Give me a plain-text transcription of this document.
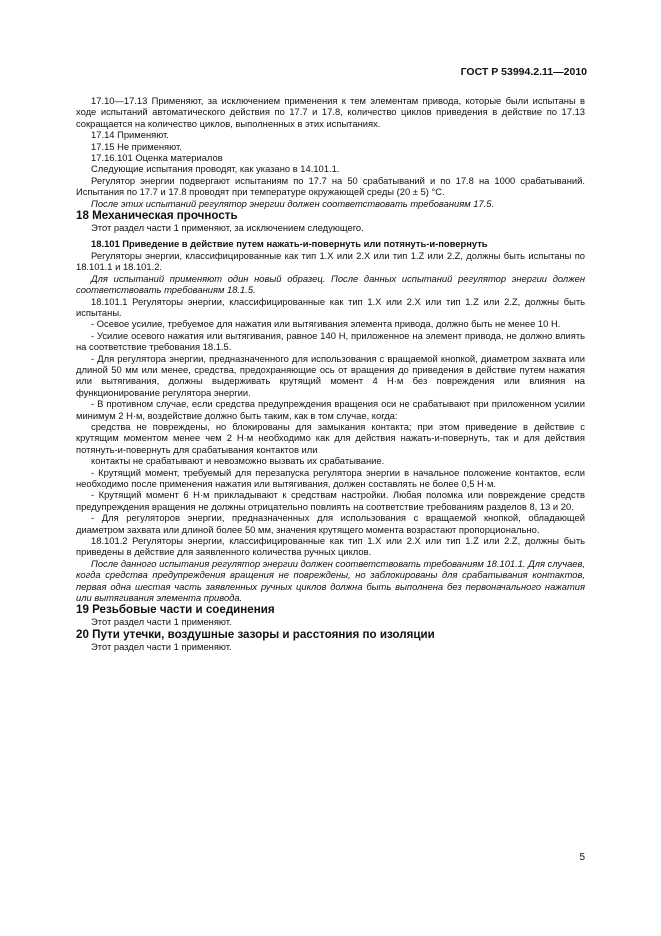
ГОСТ Р 53994.2.11—2010

17.10—17.13 Применяют, за исключением применения к тем элементам привода, которые были испытаны в ходе испытаний автоматического действия по 17.7 и 17.8, количество циклов приведения в действие по 17.13 сокращается на количество циклов, выполненных в этих испытаниях.

17.14 Применяют.

17.15 Не применяют.

17.16.101 Оценка материалов

Следующие испытания проводят, как указано в 14.101.1.

Регулятор энергии подвергают испытаниям по 17.7 на 50 срабатываний и по 17.8 на 1000 срабатываний. Испытания по 17.7 и 17.8 проводят при температуре окружающей среды (20 ± 5) °С.

После этих испытаний регулятор энергии должен соответствовать требованиям 17.5.

18 Механическая прочность

Этот раздел части 1 применяют, за исключением следующего.

18.101 Приведение в действие путем нажать-и-повернуть или потянуть-и-повернуть

Регуляторы энергии, классифицированные как тип 1.Х или 2.Х или тип 1.Z или 2.Z, должны быть испытаны по 18.101.1 и 18.101.2.

Для испытаний применяют один новый образец. После данных испытаний регулятор энергии должен соответствовать требованиям 18.1.5.

18.101.1 Регуляторы энергии, классифицированные как тип 1.Х или 2.Х или тип 1.Z или 2.Z, должны быть испытаны.

- Осевое усилие, требуемое для нажатия или вытягивания элемента привода, должно быть не менее 10 Н.

- Усилие осевого нажатия или вытягивания, равное 140 Н, приложенное на элемент привода, не должно влиять на соответствие требования 18.1.5.

- Для регулятора энергии, предназначенного для использования с вращаемой кнопкой, диаметром захвата или длиной 50 мм или менее, средства, предохраняющие ось от вращения до приведения в действие путем нажатия или вытягивания, должны выдерживать крутящий момент 4 Н·м без повреждения или влияния на функционирование регулятора энергии.

- В противном случае, если средства предупреждения вращения оси не срабатывают при приложенном усилии минимум 2 Н·м, воздействие должно быть таким, как в том случае, когда:

средства не повреждены, но блокированы для замыкания контакта; при этом приведение в действие с крутящим моментом менее чем 2 Н·м необходимо как для действия нажать-и-повернуть, так и для действия потянуть-и-повернуть для срабатывания контактов или

контакты не срабатывают и невозможно вызвать их срабатывание.

- Крутящий момент, требуемый для перезапуска регулятора энергии в начальное положение контактов, если необходимо после применения нажатия или вытягивания, должен составлять не более 0,5 Н·м.

- Крутящий момент 6 Н·м прикладывают к средствам настройки. Любая поломка или повреждение средств предупреждения вращения не должны отрицательно повлиять на соответствие требованиям разделов 8, 13 и 20.

- Для регуляторов энергии, предназначенных для использования с вращаемой кнопкой, обладающей диаметром захвата или длиной более 50 мм, значения крутящего момента возрастают пропорционально.

18.101.2 Регуляторы энергии, классифицированные как тип 1.Х или 2.Х или тип 1.Z или 2.Z, должны быть приведены в действие для заявленного количества ручных циклов.

После данного испытания регулятор энергии должен соответствовать требованиям 18.101.1. Для случаев, когда средства предупреждения вращения не повреждены, но заблокированы для срабатывания контактов, первая одна шестая часть заявленных ручных циклов должна быть выполнена без первоначального нажатия или вытягивания элемента привода.

19 Резьбовые части и соединения

Этот раздел части 1 применяют.

20 Пути утечки, воздушные зазоры и расстояния по изоляции

Этот раздел части 1 применяют.

5
